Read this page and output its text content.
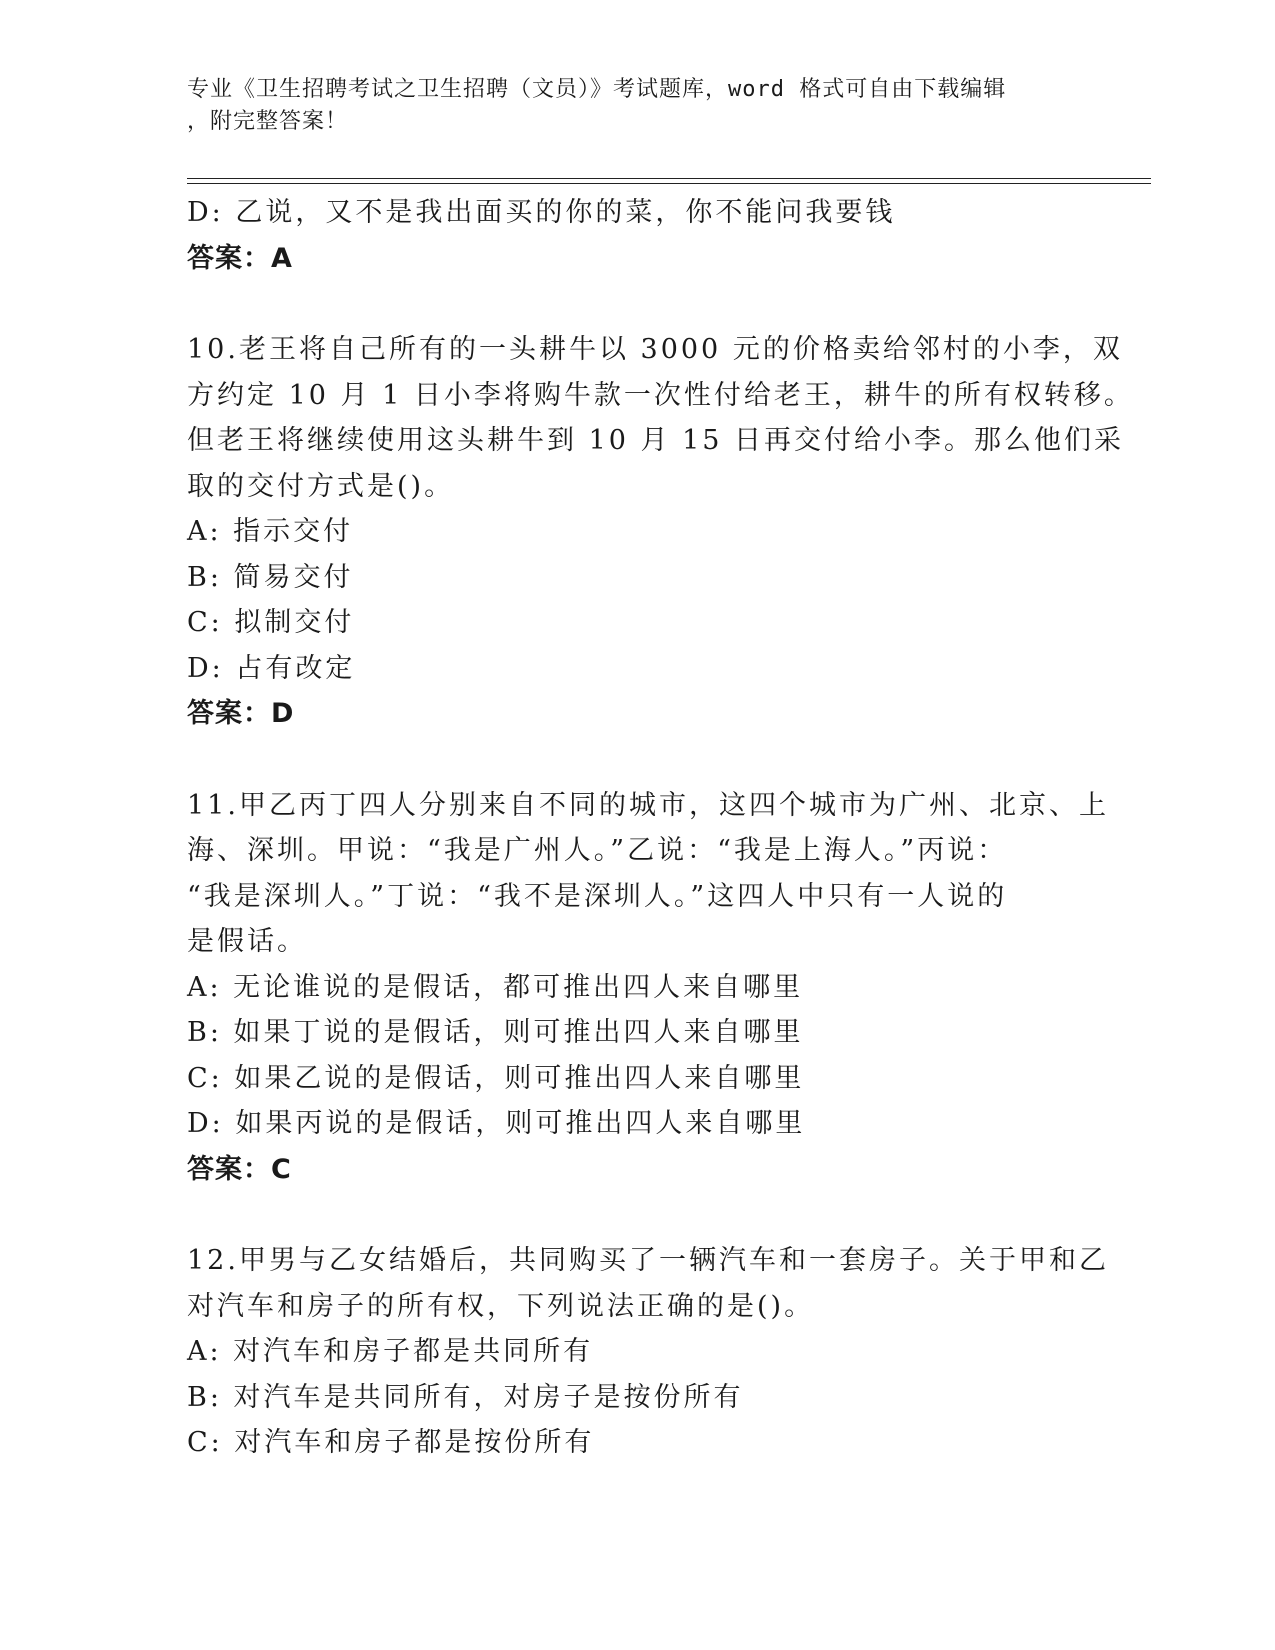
专业《卫生招聘考试之卫生招聘（文员）》考试题库，word 格式可自由下载编辑
，附完整答案！
D: 乙说，又不是我出面买的你的菜，你不能问我要钱
答案：A
10.老王将自己所有的一头耕牛以 3000 元的价格卖给邻村的小李，双
方约定 10 月 1 日小李将购牛款一次性付给老王，耕牛的所有权转移。
但老王将继续使用这头耕牛到 10 月 15 日再交付给小李。那么他们采
取的交付方式是()。
A: 指示交付
B: 简易交付
C: 拟制交付
D: 占有改定
答案：D
11.甲乙丙丁四人分别来自不同的城市，这四个城市为广州、北京、上
海、深圳。甲说：“我是广州人。”乙说：“我是上海人。”丙说：
“我是深圳人。”丁说：“我不是深圳人。”这四人中只有一人说的
是假话。
A: 无论谁说的是假话，都可推出四人来自哪里
B: 如果丁说的是假话，则可推出四人来自哪里
C: 如果乙说的是假话，则可推出四人来自哪里
D: 如果丙说的是假话，则可推出四人来自哪里
答案：C
12.甲男与乙女结婚后，共同购买了一辆汽车和一套房子。关于甲和乙
对汽车和房子的所有权，下列说法正确的是()。
A: 对汽车和房子都是共同所有
B: 对汽车是共同所有，对房子是按份所有
C: 对汽车和房子都是按份所有
